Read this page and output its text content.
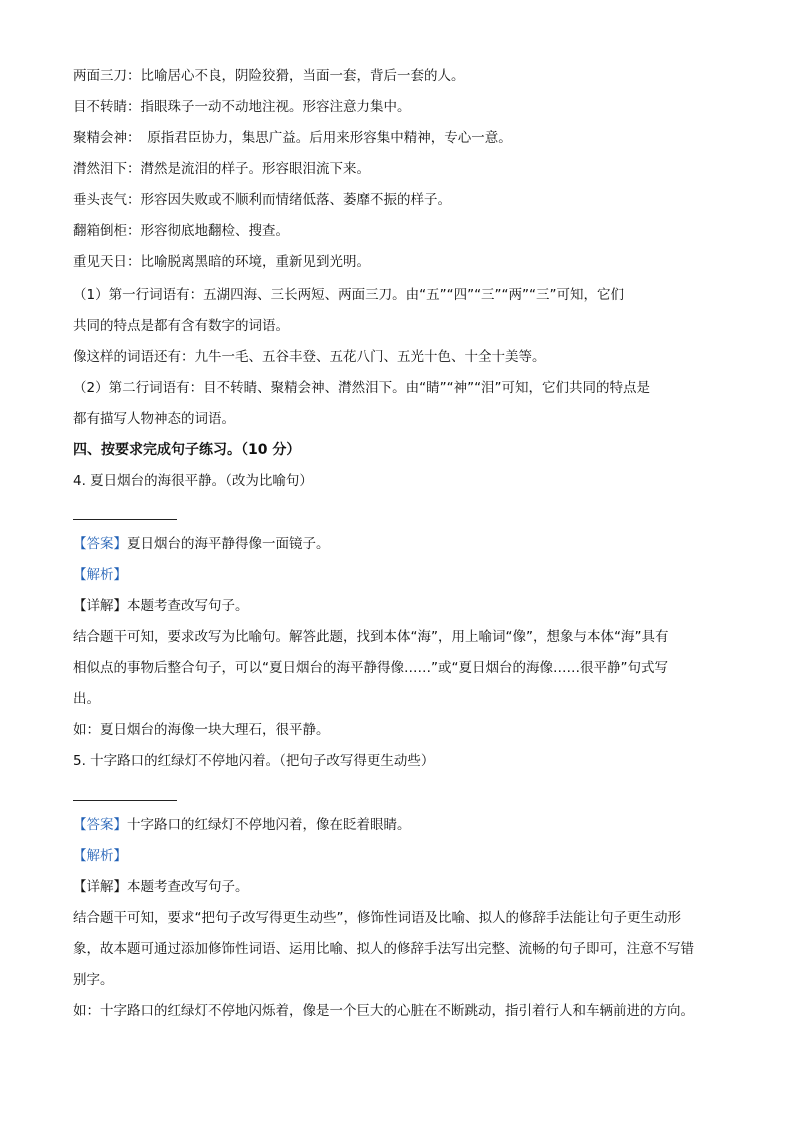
两面三刀：比喻居心不良，阴险狡猾，当面一套，背后一套的人。
目不转睛：指眼珠子一动不动地注视。形容注意力集中。
聚精会神：　原指君臣协力，集思广益。后用来形容集中精神，专心一意。
潸然泪下：潸然是流泪的样子。形容眼泪流下来。
垂头丧气：形容因失败或不顺利而情绪低落、萎靡不振的样子。
翻箱倒柜：形容彻底地翻检、搜查。
重见天日：比喻脱离黑暗的环境，重新见到光明。
（1）第一行词语有：五湖四海、三长两短、两面三刀。由“五”“四”“三”“两”“三”可知，它们
共同的特点是都有含有数字的词语。
像这样的词语还有：九牛一毛、五谷丰登、五花八门、五光十色、十全十美等。
（2）第二行词语有：目不转睛、聚精会神、潸然泪下。由“睛”“神”“泪”可知，它们共同的特点是
都有描写人物神态的词语。
四、按要求完成句子练习。（10 分）
4. 夏日烟台的海很平静。（改为比喻句）
【答案】夏日烟台的海平静得像一面镜子。
【解析】
【详解】本题考查改写句子。
结合题干可知，要求改写为比喻句。解答此题，找到本体“海”，用上喻词“像”，想象与本体“海”具有
相似点的事物后整合句子，可以“夏日烟台的海平静得像……”或“夏日烟台的海像……很平静”句式写
出。
如：夏日烟台的海像一块大理石，很平静。
5. 十字路口的红绿灯不停地闪着。（把句子改写得更生动些）
【答案】十字路口的红绿灯不停地闪着，像在眨着眼睛。
【解析】
【详解】本题考查改写句子。
结合题干可知，要求“把句子改写得更生动些”，修饰性词语及比喻、拟人的修辞手法能让句子更生动形
象，故本题可通过添加修饰性词语、运用比喻、拟人的修辞手法写出完整、流畅的句子即可，注意不写错
别字。
如：十字路口的红绿灯不停地闪烁着，像是一个巨大的心脏在不断跳动，指引着行人和车辆前进的方向。
